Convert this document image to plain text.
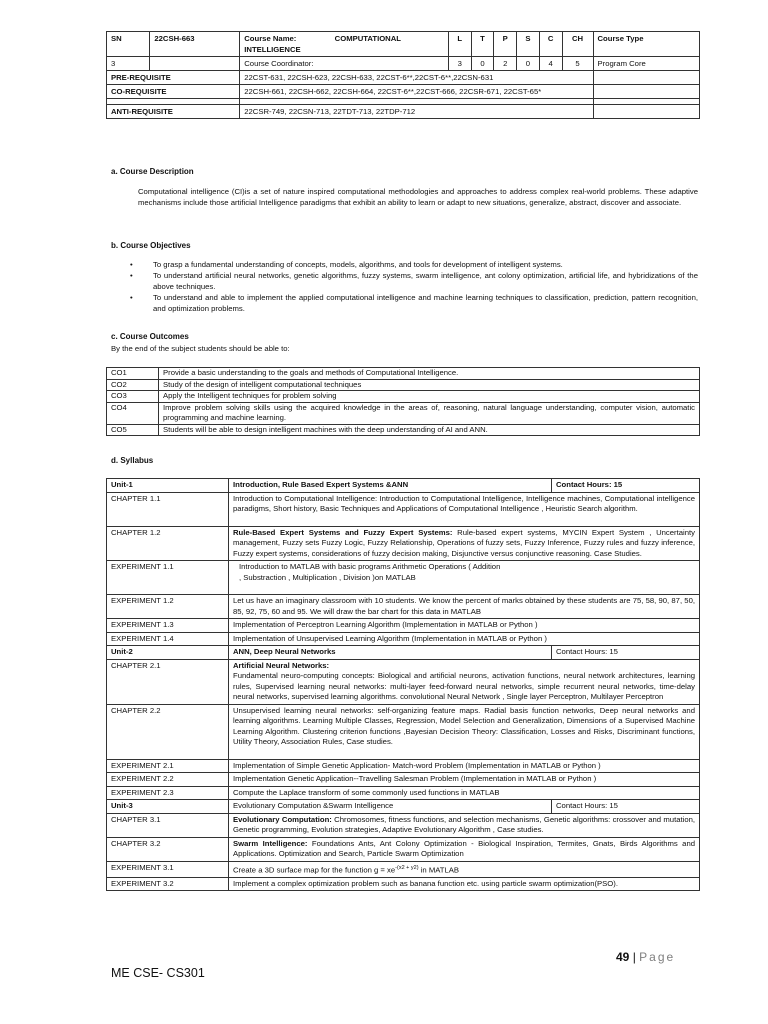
SN	22CSH-663	Course Name: COMPUTATIONAL
INTELLIGENCE	L	T	P	S	C	CH	Course Type
3		Course Coordinator:	3	0	2	0	4	5	Program Core
PRE-REQUISITE		22CST-631, 22CSH-623, 22CSH-633, 22CST-6**,22CST-6**,22CSN-631							
CO-REQUISITE		22CSH-661, 22CSH-662, 22CSH-664, 22CST-6**,22CST-666, 22CSR-671, 22CST-65*							

ANTI-REQUISITE		22CSR-749, 22CSN-713, 22TDT-713, 22TDP-712							
a. Course Description
Computational intelligence (CI)is a set of nature inspired computational methodologies and approaches to address complex real-world problems. These adaptive mechanisms include those artificial Intelligence paradigms that exhibit an ability to learn or adapt to new situations, generalize, abstract, discover and associate.
b. Course Objectives
•	To grasp a fundamental understanding of concepts, models, algorithms, and tools for development of intelligent systems.
•	To understand artificial neural networks, genetic algorithms, fuzzy systems, swarm intelligence, ant colony optimization, artificial life, and hybridizations of the above techniques.
•	To understand and able to implement the applied computational intelligence and machine learning techniques to classification, prediction, pattern recognition, and optimization problems.
c. Course Outcomes
By the end of the subject students should be able to:
CO1	Provide a basic understanding to the goals and methods of Computational Intelligence.
CO2	Study of the design of intelligent computational techniques
CO3	Apply the Intelligent techniques for problem solving
CO4	Improve problem solving skills using the acquired knowledge in the areas of, reasoning, natural language understanding, computer vision, automatic programming and machine learning.
CO5	Students will be able to design intelligent machines with the deep understanding of AI and ANN.
d. Syllabus
Unit-1	Introduction, Rule Based Expert Systems &ANN	Contact Hours: 15
CHAPTER 1.1	Introduction to Computational Intelligence: Introduction to Computational Intelligence, Intelligence machines, Computational intelligence paradigms, Short history, Basic Techniques and Applications of Computational Intelligence , Heuristic Search algorithm.	

CHAPTER 1.2	Rule-Based Expert Systems and Fuzzy Expert Systems: Rule-based expert systems, MYCIN Expert System , Uncertainty management, Fuzzy sets Fuzzy Logic, Fuzzy Relationship, Operations of fuzzy sets, Fuzzy Inference, Fuzzy rules and fuzzy inference, Fuzzy expert systems, considerations of fuzzy decision making, Disjunctive versus conjunctive reasoning. Case Studies.	
EXPERIMENT 1.1	Introduction to MATLAB with basic programs Arithmetic Operations ( Addition
, Substraction , Multiplication , Division )on MATLAB	

EXPERIMENT 1.2	Let us have an imaginary classroom with 10 students. We know the percent of marks obtained by these students are 75, 58, 90, 87, 50, 85, 92, 75, 60 and 95. We will draw the bar chart for this data in MATLAB	
EXPERIMENT 1.3	Implementation of Perceptron Learning Algorithm (Implementation in MATLAB or Python )	
EXPERIMENT 1.4	Implementation of Unsupervised Learning Algorithm (Implementation in MATLAB or Python )	
Unit-2	ANN, Deep Neural Networks	Contact Hours: 15
CHAPTER 2.1	Artificial Neural Networks:
Fundamental neuro-computing concepts: Biological and artificial neurons, activation functions, neural network architectures, learning rules, Supervised learning neural networks: multi-layer feed-forward neural networks, simple recurrent neural networks, time-delay neural networks, supervised learning algorithms. convolutional Neural Network , Single layer Perceptron, Multilayer Perceptron	
CHAPTER 2.2	Unsupervised learning neural networks: self-organizing feature maps. Radial basis function networks, Deep neural networks and learning algorithms. Learning Multiple Classes, Regression, Model Selection and Generalization, Dimensions of a Supervised Machine Learning Algorithm. Clustering criterion functions ,Bayesian Decision Theory: Classification, Losses and Risks, Discriminant functions, Utility Theory, Association Rules, Case studies.	

EXPERIMENT 2.1	Implementation of Simple Genetic Application- Match-word Problem (Implementation in MATLAB or Python )	
EXPERIMENT 2.2	Implementation Genetic Application--Travelling Salesman Problem (Implementation in MATLAB or Python )	
EXPERIMENT 2.3	Compute the Laplace transform of some commonly used functions in MATLAB	
Unit-3	Evolutionary Computation &Swarm Intelligence	Contact Hours: 15
CHAPTER 3.1	Evolutionary Computation: Chromosomes, fitness functions, and selection mechanisms, Genetic algorithms: crossover and mutation, Genetic programming, Evolution strategies, Adaptive Evolutionary Algorithm , Case studies.	
CHAPTER 3.2	Swarm Intelligence: Foundations Ants, Ant Colony Optimization - Biological Inspiration, Termites, Gnats, Birds Algorithms and Applications. Optimization and Search, Particle Swarm Optimization	
EXPERIMENT 3.1	Create a 3D surface map for the function $g = xe^{-(x2 + y2)}$ in MATLAB	
EXPERIMENT 3.2	Implement a complex optimization problem such as banana function etc. using particle swarm optimization(PSO).	
49 | Page
ME CSE- CS301
